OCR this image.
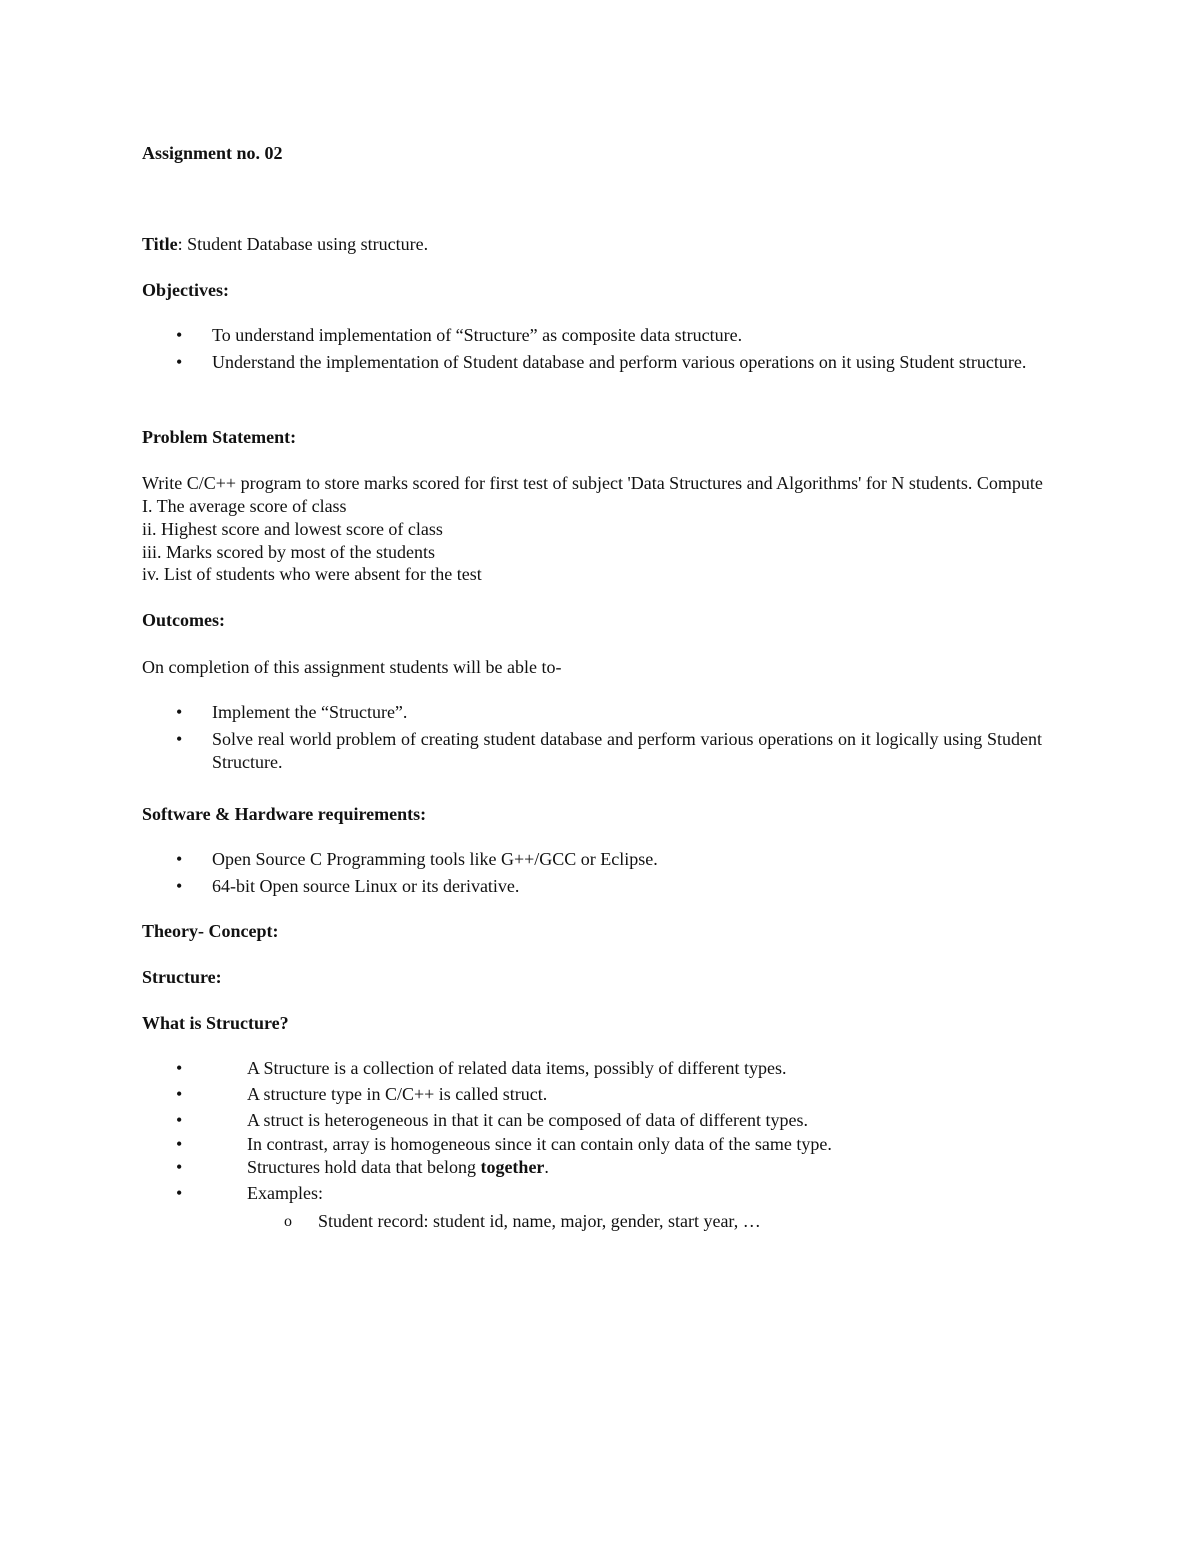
Assignment no. 02

Title: Student Database using structure.

Objectives:

• To understand implementation of “Structure” as composite data structure.
• Understand the implementation of Student database and perform various operations on it using Student structure.

Problem Statement:

Write C/C++ program to store marks scored for first test of subject 'Data Structures and Algorithms' for N students. Compute

I. The average score of class

ii. Highest score and lowest score of class

iii. Marks scored by most of the students

iv. List of students who were absent for the test

Outcomes:

On completion of this assignment students will be able to-

• Implement the “Structure”.
• Solve real world problem of creating student database and perform various operations on it logically using Student Structure.

Software & Hardware requirements:

• Open Source C Programming tools like G++/GCC or Eclipse.
• 64-bit Open source Linux or its derivative.

Theory- Concept:

Structure:

What is Structure?

•	A Structure is a collection of related data items, possibly of different types.
•	A structure type in C/C++ is called struct.
•	A struct is heterogeneous in that it can be composed of data of different types.
•	In contrast, array is homogeneous since it can contain only data of the same type.
•	Structures hold data that belong together.
•	Examples:
o Student record: student id, name, major, gender, start year, …
